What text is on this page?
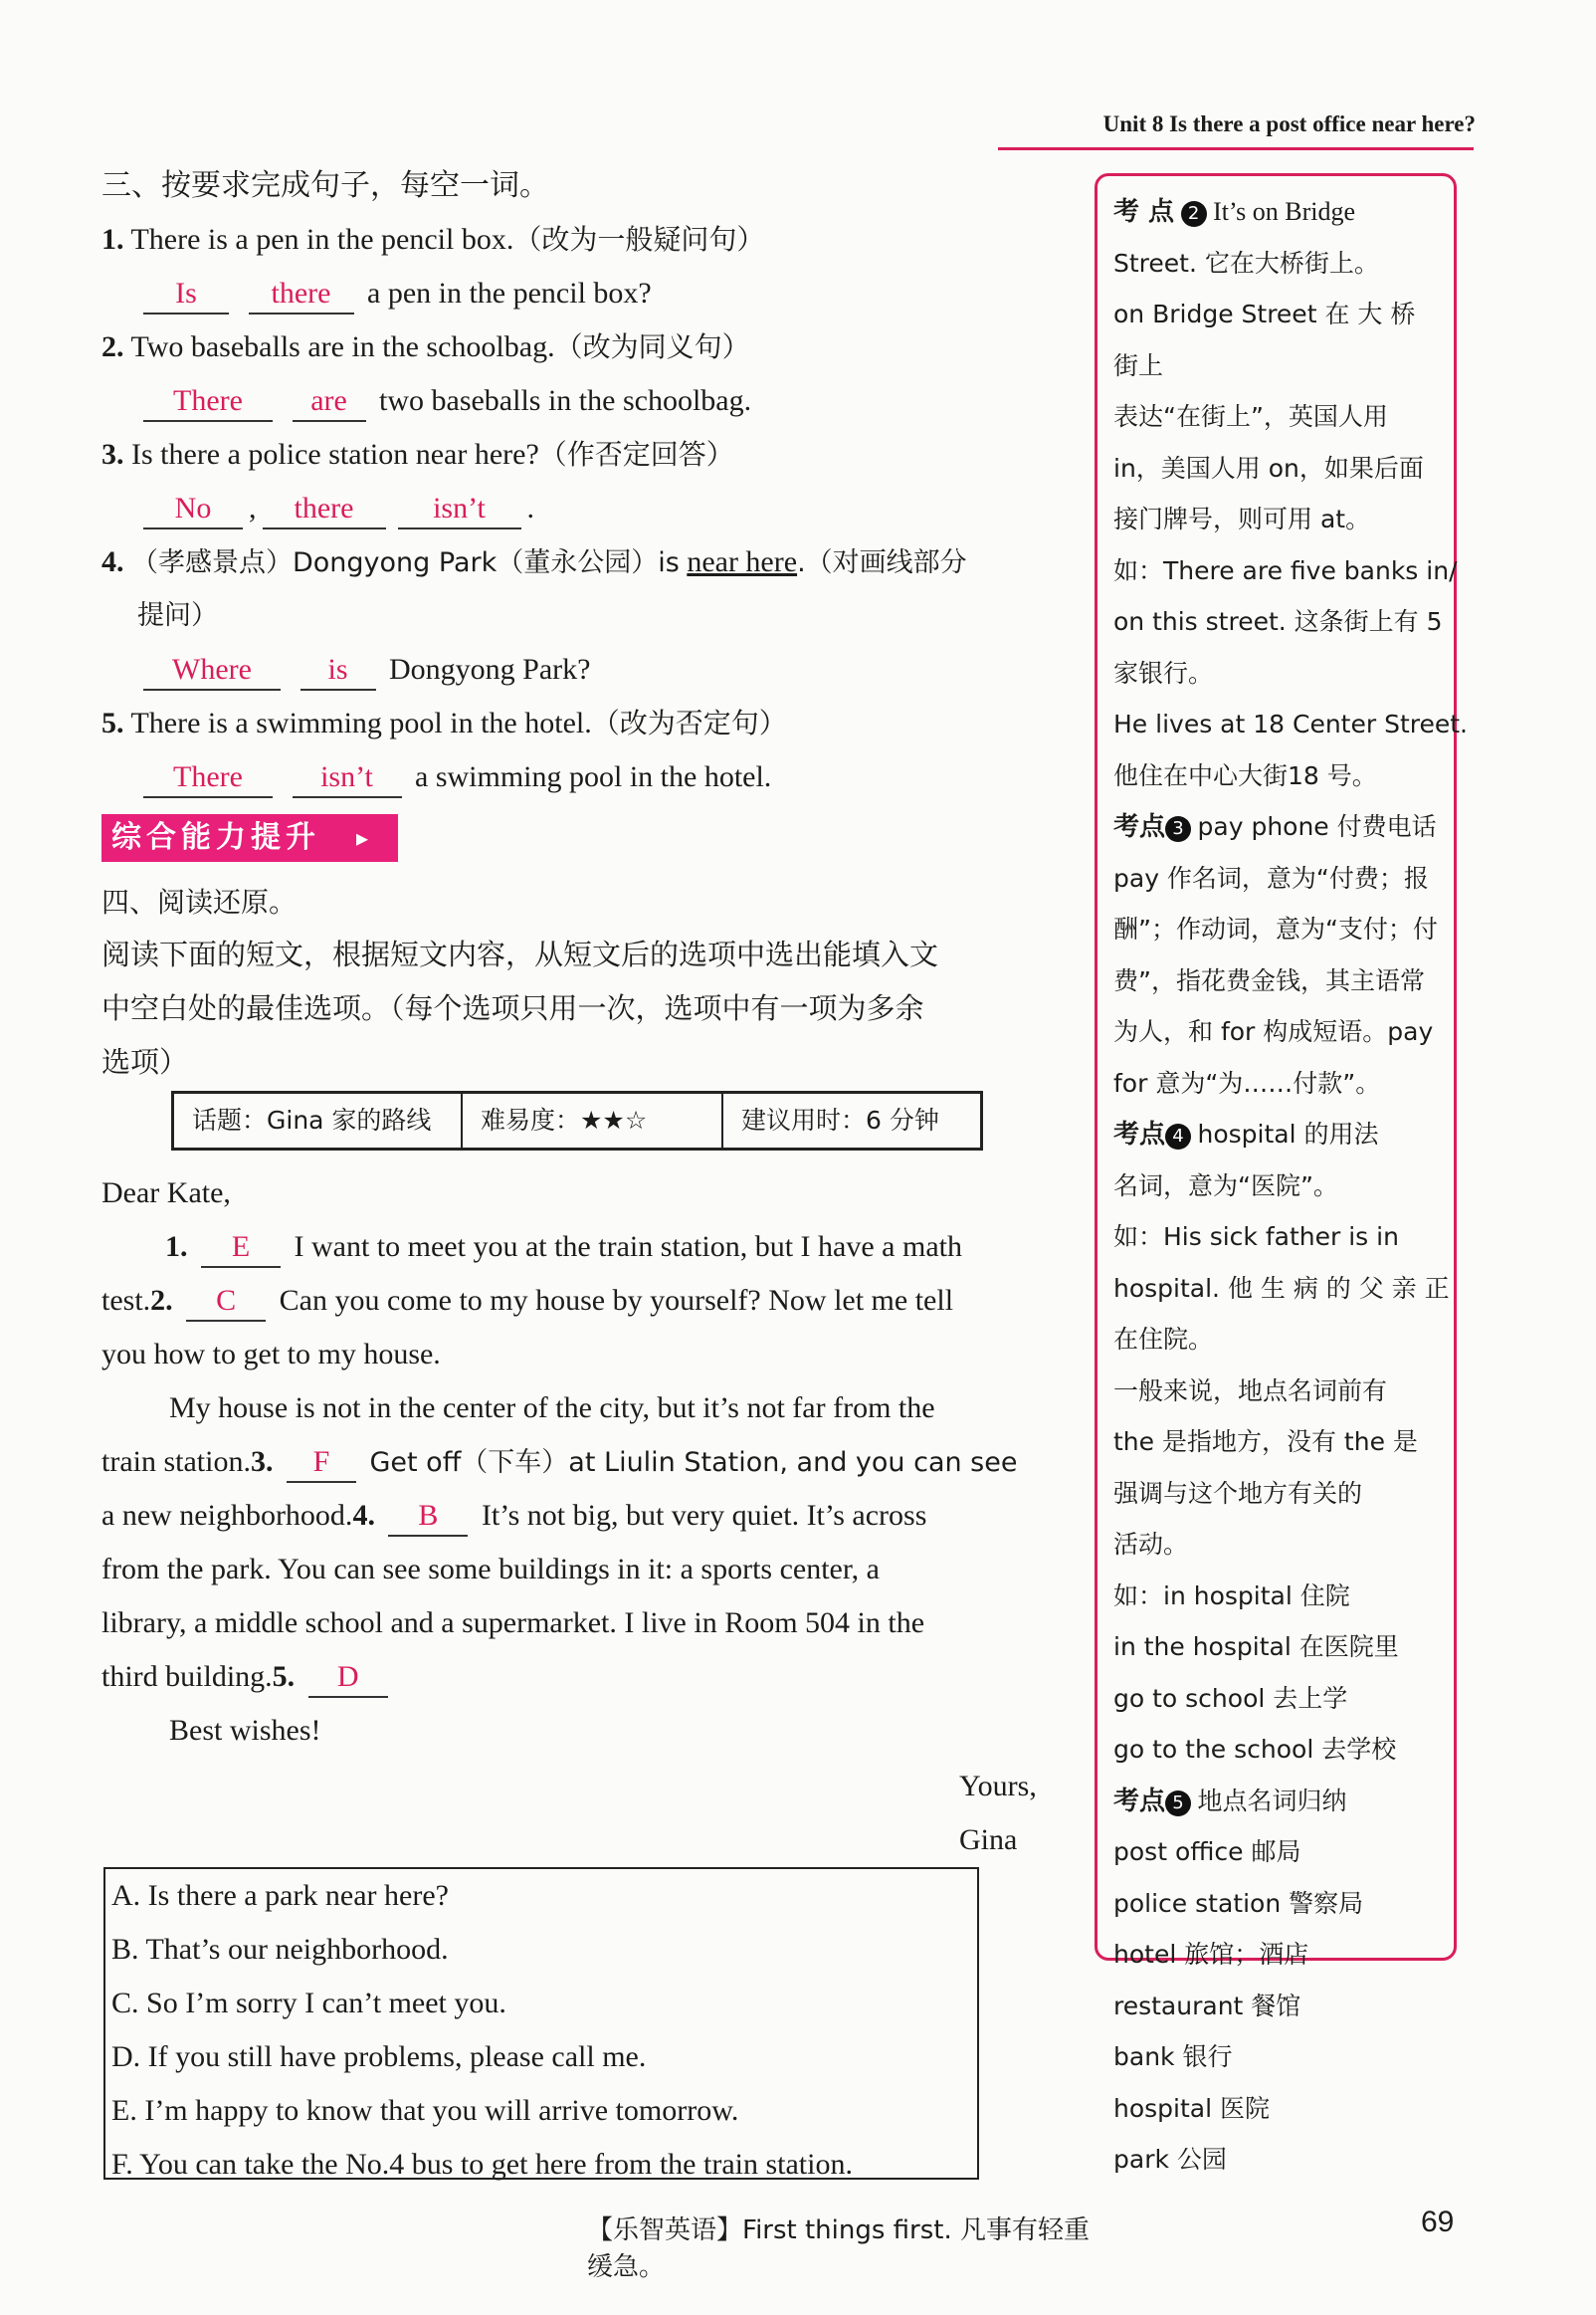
Unit 8 Is there a post office near here?
三、按要求完成句子，每空一词。
1. There is a pen in the pencil box.（改为一般疑问句）
Is there a pen in the pencil box?
2. Two baseballs are in the schoolbag.（改为同义句）
There are two baseballs in the schoolbag.
3. Is there a police station near here?（作否定回答）
No , there	isn’t .
4. （孝感景点）Dongyong Park（董永公园）is near here.（对画线部分
提问）
Where	is Dongyong Park?
5. There is a swimming pool in the hotel.（改为否定句）
There	isn’t a swimming pool in the hotel.
综合能力提升	▸
四、阅读还原。
阅读下面的短文，根据短文内容，从短文后的选项中选出能填入文
中空白处的最佳选项。（每个选项只用一次，选项中有一项为多余
选项）
话题：Gina 家的路线	难易度：★★☆	建议用时：6 分钟
Dear Kate,
1. E I want to meet you at the train station, but I have a math
test.2. C Can you come to my house by yourself? Now let me tell
you how to get to my house.
My house is not in the center of the city, but it’s not far from the
train station.3. F Get off（下车）at Liulin Station, and you can see
a new neighborhood.4. B It’s not big, but very quiet. It’s across
from the park. You can see some buildings in it: a sports center, a
library, a middle school and a supermarket. I live in Room 504 in the
third building.5. D
Best wishes!
Yours,
Gina
A. Is there a park near here?
B. That’s our neighborhood.
C. So I’m sorry I can’t meet you.
D. If you still have problems, please call me.
E. I’m happy to know that you will arrive tomorrow.
F. You can take the No.4 bus to get here from the train station.

考 点 2 It’s on Bridge

Street. 它在大桥街上。

on Bridge Street 在 大 桥

街上

表达“在街上”，英国人用

in，美国人用 on，如果后面

接门牌号，则可用 at。

如：There are five banks in/

on this street. 这条街上有 5

家银行。

He lives at 18 Center Street.

他住在中心大街18 号。

考点 3 pay phone 付费电话

pay 作名词，意为“付费；报

酬”；作动词，意为“支付；付

费”，指花费金钱，其主语常

为人，和 for 构成短语。pay

for 意为“为……付款”。

考点 4 hospital 的用法

名词，意为“医院”。

如：His sick father is in

hospital. 他 生 病 的 父 亲 正

在住院。

一般来说，地点名词前有

the 是指地方，没有 the 是

强调与这个地方有关的

活动。

如：in hospital 住院

in the hospital 在医院里

go to school 去上学

go to the school 去学校

考点 5 地点名词归纳

post office 邮局

police station 警察局

hotel 旅馆；酒店

restaurant 餐馆

bank 银行

hospital 医院

park 公园

【乐智英语】First things first. 凡事有轻重缓急。
69
